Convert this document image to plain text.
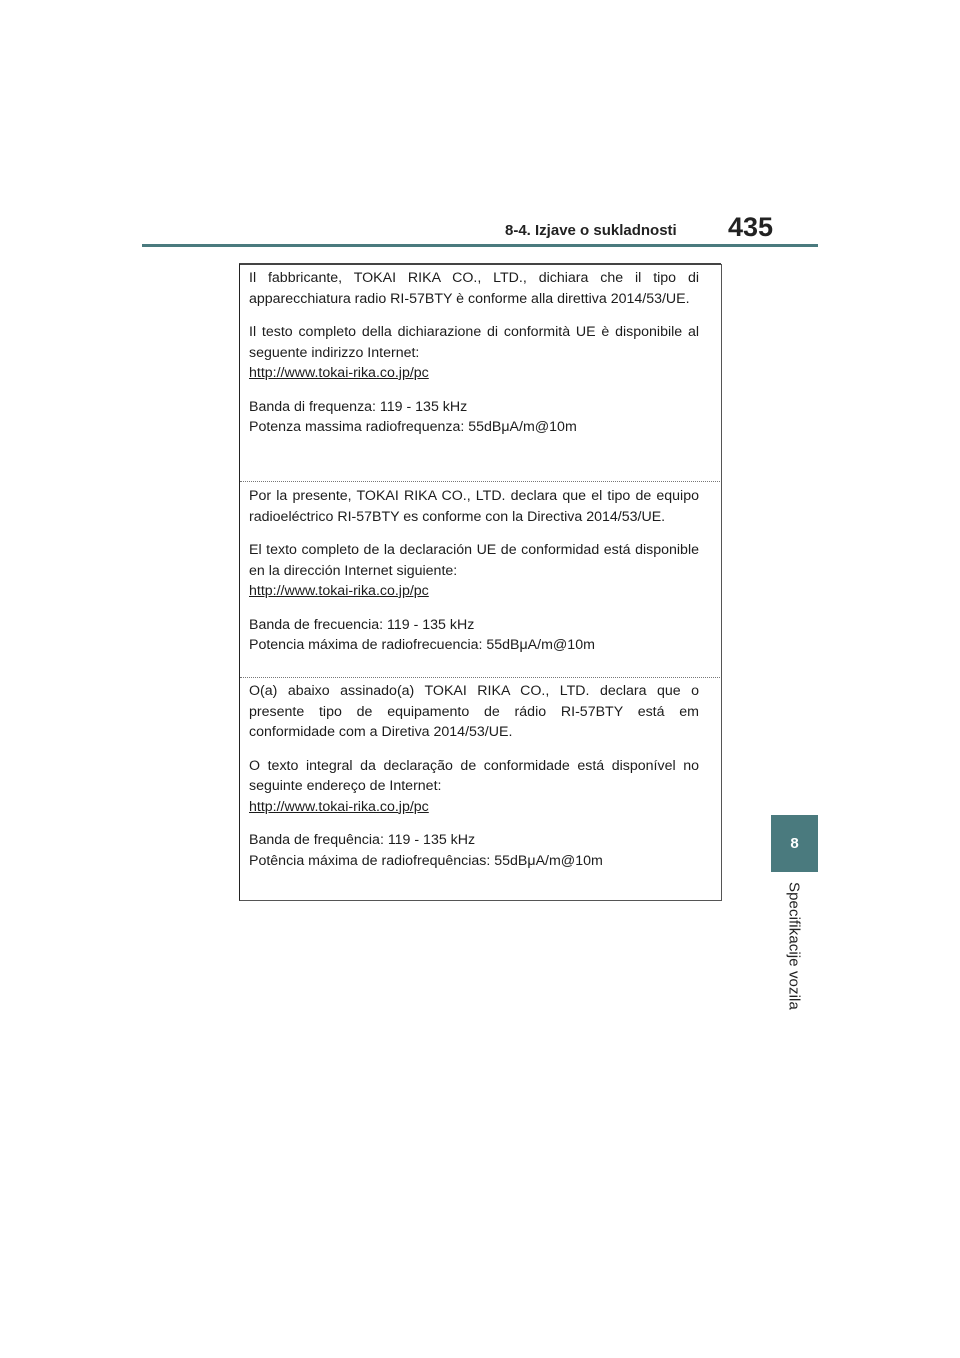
8-4. Izjave o sukladnosti 435
8
Specifikacije vozila

Il fabbricante, TOKAI RIKA CO., LTD., dichiara che il tipo di apparecchiatura radio RI-57BTY è conforme alla direttiva 2014/53/UE.

Il testo completo della dichiarazione di conformità UE è disponibile al seguente indirizzo Internet:

http://www.tokai-rika.co.jp/pc

Banda di frequenza: 119 - 135 kHz

Potenza massima radiofrequenza: 55dBμA/m@10m

Por la presente, TOKAI RIKA CO., LTD. declara que el tipo de equipo radioeléctrico RI-57BTY es conforme con la Directiva 2014/53/UE.

El texto completo de la declaración UE de conformidad está disponible en la dirección Internet siguiente:

http://www.tokai-rika.co.jp/pc

Banda de frecuencia: 119 - 135 kHz

Potencia máxima de radiofrecuencia: 55dBμA/m@10m

O(a) abaixo assinado(a) TOKAI RIKA CO., LTD. declara que o presente tipo de equipamento de rádio RI-57BTY está em conformidade com a Diretiva 2014/53/UE.

O texto integral da declaração de conformidade está disponível no seguinte endereço de Internet:

http://www.tokai-rika.co.jp/pc

Banda de frequência: 119 - 135 kHz

Potência máxima de radiofrequências: 55dBμA/m@10m
